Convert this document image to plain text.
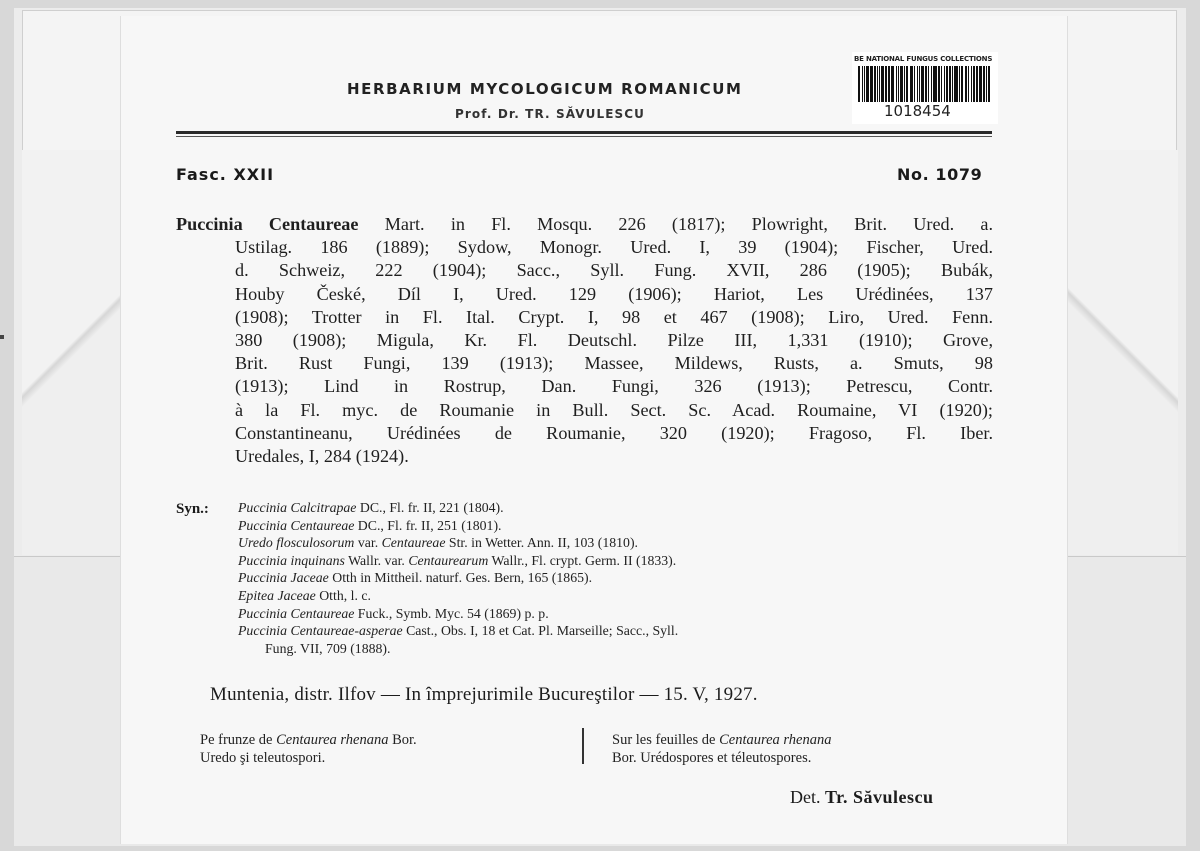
HERBARIUM MYCOLOGICUM ROMANICUM
Prof. Dr. TR. SĂVULESCU
BE NATIONAL FUNGUS COLLECTIONS
1018454
Fasc. XXII	No. 1079
Puccinia Centaureae Mart. in Fl. Mosqu. 226 (1817); Plowright, Brit. Ured. a.
Ustilag. 186 (1889); Sydow, Monogr. Ured. I, 39 (1904); Fischer, Ured.
d. Schweiz, 222 (1904); Sacc., Syll. Fung. XVII, 286 (1905); Bubák,
Houby České, Díl I, Ured. 129 (1906); Hariot, Les Urédinées, 137
(1908); Trotter in Fl. Ital. Crypt. I, 98 et 467 (1908); Liro, Ured. Fenn.
380 (1908); Migula, Kr. Fl. Deutschl. Pilze III, 1,331 (1910); Grove,
Brit. Rust Fungi, 139 (1913); Massee, Mildews, Rusts, a. Smuts, 98
(1913); Lind in Rostrup, Dan. Fungi, 326 (1913); Petrescu, Contr.
à la Fl. myc. de Roumanie in Bull. Sect. Sc. Acad. Roumaine, VI (1920);
Constantineanu, Urédinées de Roumanie, 320 (1920); Fragoso, Fl. Iber.
Uredales, I, 284 (1924).
Syn.: Puccinia Calcitrapae DC., Fl. fr. II, 221 (1804).
Puccinia Centaureae DC., Fl. fr. II, 251 (1801).
Uredo flosculosorum var. Centaureae Str. in Wetter. Ann. II, 103 (1810).
Puccinia inquinans Wallr. var. Centaurearum Wallr., Fl. crypt. Germ. II (1833).
Puccinia Jaceae Otth in Mittheil. naturf. Ges. Bern, 165 (1865).
Epitea Jaceae Otth, l. c.
Puccinia Centaureae Fuck., Symb. Myc. 54 (1869) p. p.
Puccinia Centaureae-asperae Cast., Obs. I, 18 et Cat. Pl. Marseille; Sacc., Syll.
Fung. VII, 709 (1888).
Muntenia, distr. Ilfov — In împrejurimile Bucureştilor — 15. V, 1927.
Pe frunze de Centaurea rhenana Bor.
Uredo şi teleutospori.
Sur les feuilles de Centaurea rhenana
Bor. Urédospores et téleutospores.
Det. Tr. Săvulescu
